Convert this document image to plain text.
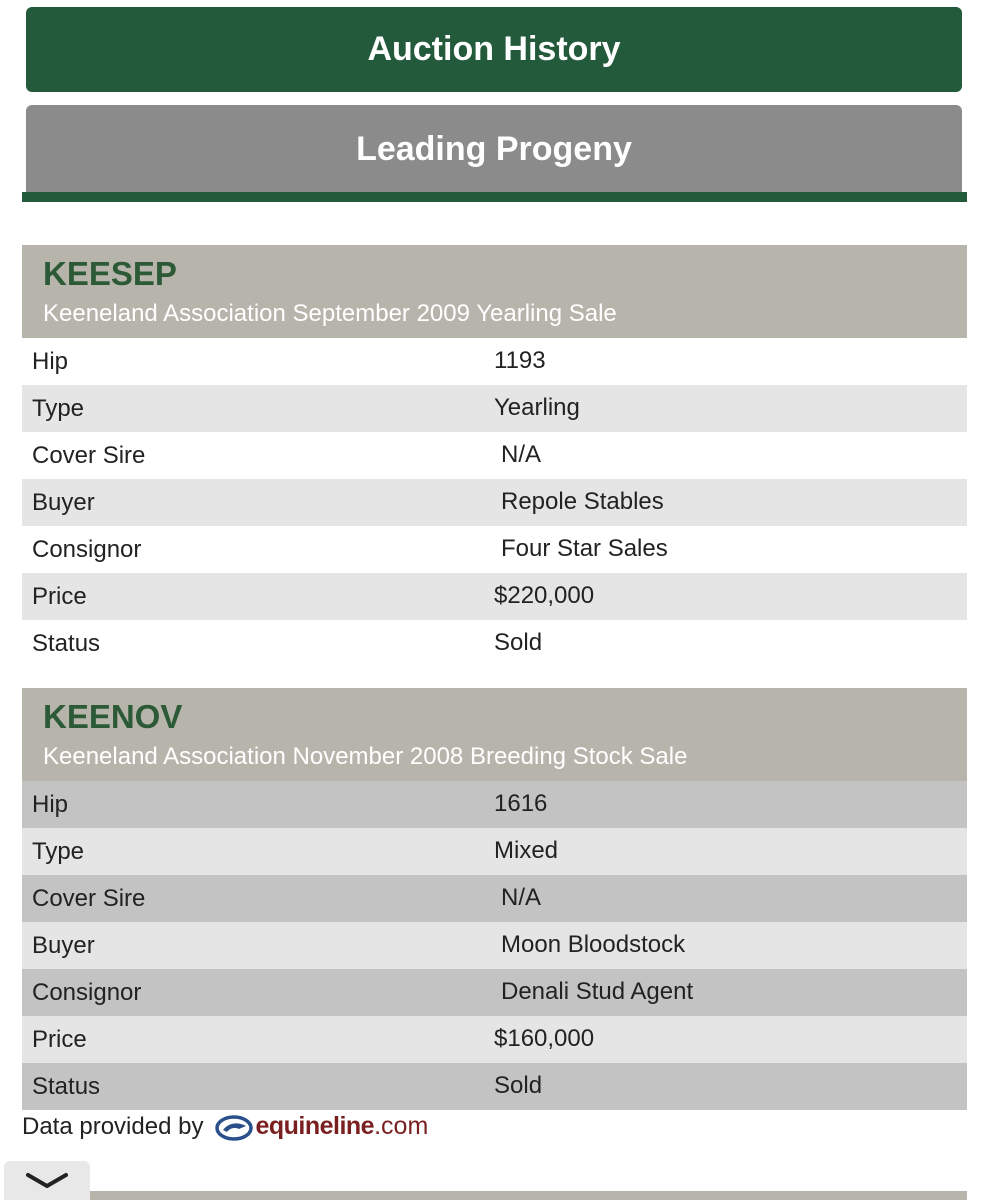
Auction History
Leading Progeny
KEESEP
Keeneland Association September 2009 Yearling Sale
Hip	1193
Type	Yearling
Cover Sire	N/A
Buyer	Repole Stables
Consignor	Four Star Sales
Price	$220,000
Status	Sold
KEENOV
Keeneland Association November 2008 Breeding Stock Sale
Hip	1616
Type	Mixed
Cover Sire	N/A
Buyer	Moon Bloodstock
Consignor	Denali Stud Agent
Price	$160,000
Status	Sold
Data provided by equineline .com
